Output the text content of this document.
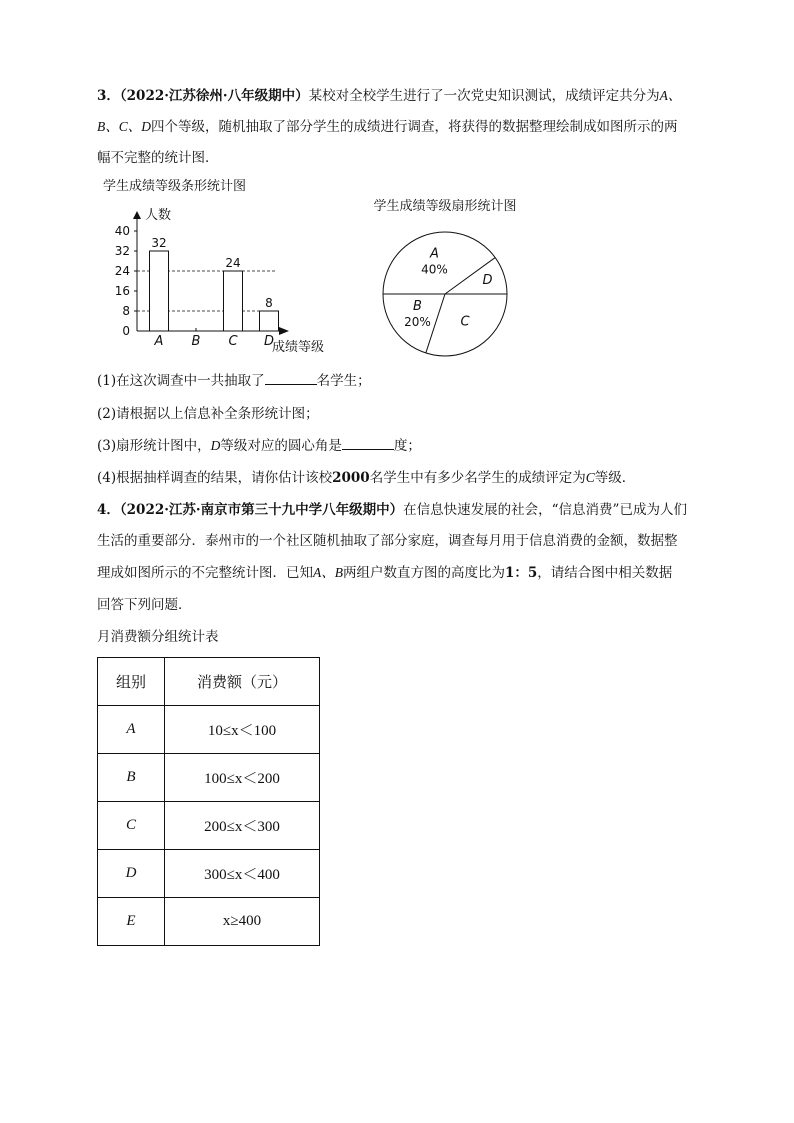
3．（2022·江苏徐州·八年级期中）某校对全校学生进行了一次党史知识测试，成绩评定共分为A、
B、C、D四个等级，随机抽取了部分学生的成绩进行调查，将获得的数据整理绘制成如图所示的两
幅不完整的统计图．
学生成绩等级条形统计图
人数
成绩等级
0
8
16
24
32
40
32
A B
24
C
8
D
学生成绩等级扇形统计图
A
40%
D
C
B
20%
(1)在这次调查中一共抽取了	名学生；
(2)请根据以上信息补全条形统计图；
(3)扇形统计图中，D等级对应的圆心角是	度；
(4)根据抽样调查的结果，请你估计该校2000名学生中有多少名学生的成绩评定为C等级．
4．（2022·江苏·南京市第三十九中学八年级期中）在信息快速发展的社会，“信息消费”已成为人们
生活的重要部分．泰州市的一个社区随机抽取了部分家庭，调查每月用于信息消费的金额，数据整
理成如图所示的不完整统计图．已知A、B两组户数直方图的高度比为1：5，请结合图中相关数据
回答下列问题．
月消费额分组统计表
组别	消费额（元）
A	10≤x＜100
B	100≤x＜200
C	200≤x＜300
D	300≤x＜400
E	x≥400
